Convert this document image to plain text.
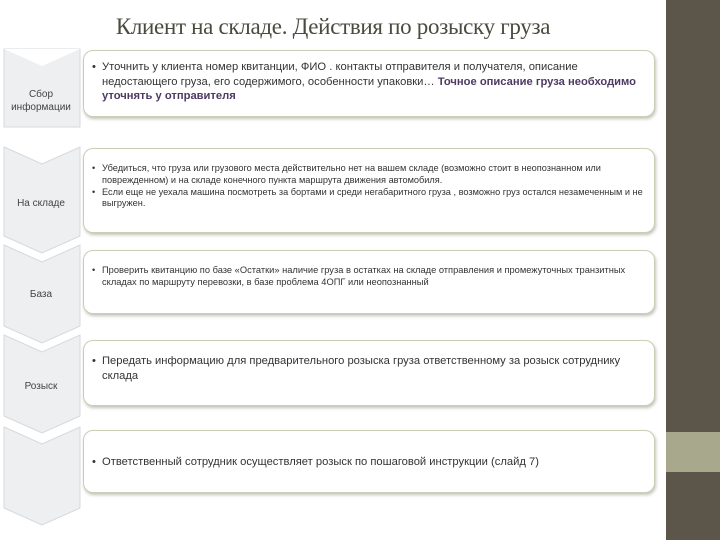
Клиент на складе. Действия по розыску груза
Сбор информации
• Уточнить у клиента номер квитанции, ФИО . контакты отправителя и получателя, описание недостающего груза, его содержимого, особенности упаковки… Точное описание груза необходимо уточнять у отправителя
На складе
• Убедиться, что груза или грузового места действительно нет на вашем складе (возможно стоит в неопознанном или поврежденном) и на складе конечного пункта маршрута движения автомобиля.
• Если еще не уехала машина посмотреть за бортами и среди негабаритного груза , возможно груз остался незамеченным и не выгружен.
База
• Проверить квитанцию по базе «Остатки» наличие груза в остатках на складе отправления и промежуточных транзитных складах по маршруту перевозки, в базе проблема 4ОПГ или неопознанный
Розыск
• Передать информацию для предварительного розыска груза ответственному за розыск сотруднику склада
• Ответственный сотрудник осуществляет розыск по пошаговой инструкции (слайд 7)
